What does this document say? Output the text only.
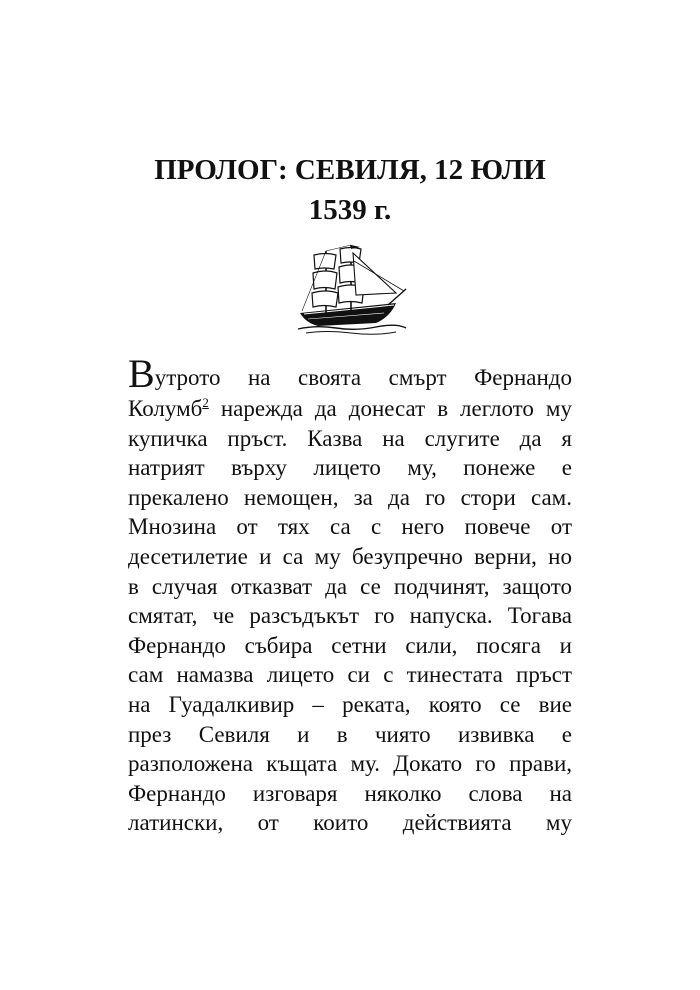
ПРОЛОГ: СЕВИЛЯ, 12 ЮЛИ
1539 г.
Вутрото на своята смърт Фернандо
Колумб$^2$ нарежда да донесат в леглото му
купичка пръст. Казва на слугите да я
натрият върху лицето му, понеже е
прекалено немощен, за да го стори сам.
Мнозина от тях са с него повече от
десетилетие и са му безупречно верни, но
в случая отказват да се подчинят, защото
смятат, че разсъдъкът го напуска. Тогава
Фернандо събира сетни сили, посяга и
сам намазва лицето си с тинестата пръст
на Гуадалкивир – реката, която се вие
през Севиля и в чиято извивка е
разположена къщата му. Докато го прави,
Фернандо изговаря няколко слова на
латински, от които действията му
